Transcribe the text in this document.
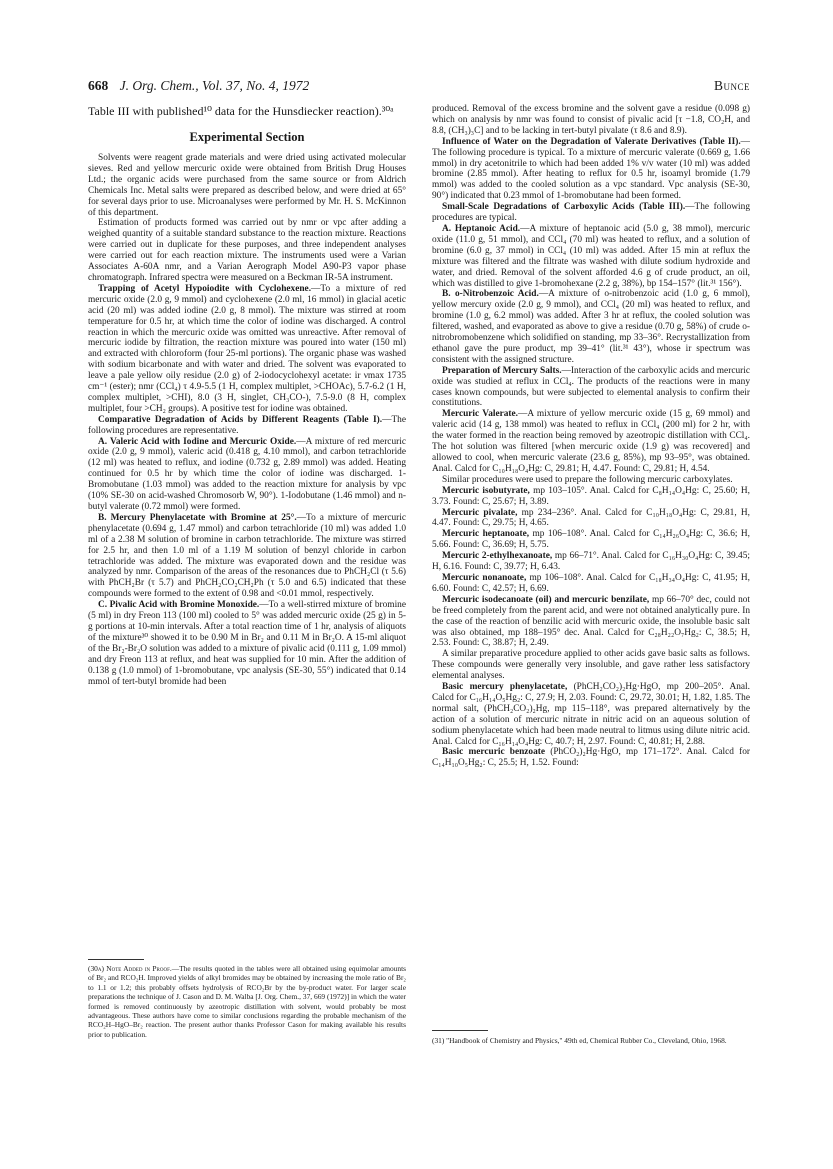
668 J. Org. Chem., Vol. 37, No. 4, 1972	Bunce

Table III with published¹⁰ data for the Hunsdiecker reaction).³⁰ᵃ

Experimental Section

Solvents were reagent grade materials and were dried using activated molecular sieves. Red and yellow mercuric oxide were obtained from British Drug Houses Ltd.; the organic acids were purchased from the same source or from Aldrich Chemicals Inc. Metal salts were prepared as described below, and were dried at 65° for several days prior to use. Microanalyses were performed by Mr. H. S. McKinnon of this department.

Estimation of products formed was carried out by nmr or vpc after adding a weighed quantity of a suitable standard substance to the reaction mixture. Reactions were carried out in duplicate for these purposes, and three independent analyses were carried out for each reaction mixture. The instruments used were a Varian Associates A-60A nmr, and a Varian Aerograph Model A90-P3 vapor phase chromatograph. Infrared spectra were measured on a Beckman IR-5A instrument.

Trapping of Acetyl Hypoiodite with Cyclohexene.—To a mixture of red mercuric oxide (2.0 g, 9 mmol) and cyclohexene (2.0 ml, 16 mmol) in glacial acetic acid (20 ml) was added iodine (2.0 g, 8 mmol). The mixture was stirred at room temperature for 0.5 hr, at which time the color of iodine was discharged. A control reaction in which the mercuric oxide was omitted was unreactive. After removal of mercuric iodide by filtration, the reaction mixture was poured into water (150 ml) and extracted with chloroform (four 25-ml portions). The organic phase was washed with sodium bicarbonate and with water and dried. The solvent was evaporated to leave a pale yellow oily residue (2.0 g) of 2-iodocyclohexyl acetate: ir νmax 1735 cm⁻¹ (ester); nmr (CCl₄) τ 4.9-5.5 (1 H, complex multiplet, >CHOAc), 5.7-6.2 (1 H, complex multiplet, >CHI), 8.0 (3 H, singlet, CH₃CO-), 7.5-9.0 (8 H, complex multiplet, four >CH₂ groups). A positive test for iodine was obtained.

Comparative Degradation of Acids by Different Reagents (Table I).—The following procedures are representative.

A. Valeric Acid with Iodine and Mercuric Oxide.—A mixture of red mercuric oxide (2.0 g, 9 mmol), valeric acid (0.418 g, 4.10 mmol), and carbon tetrachloride (12 ml) was heated to reflux, and iodine (0.732 g, 2.89 mmol) was added. Heating continued for 0.5 hr by which time the color of iodine was discharged. 1-Bromobutane (1.03 mmol) was added to the reaction mixture for analysis by vpc (10% SE-30 on acid-washed Chromosorb W, 90°). 1-Iodobutane (1.46 mmol) and n-butyl valerate (0.72 mmol) were formed.

B. Mercury Phenylacetate with Bromine at 25°.—To a mixture of mercuric phenylacetate (0.694 g, 1.47 mmol) and carbon tetrachloride (10 ml) was added 1.0 ml of a 2.38 M solution of bromine in carbon tetrachloride. The mixture was stirred for 2.5 hr, and then 1.0 ml of a 1.19 M solution of benzyl chloride in carbon tetrachloride was added. The mixture was evaporated down and the residue was analyzed by nmr. Comparison of the areas of the resonances due to PhCH₂Cl (τ 5.6) with PhCH₂Br (τ 5.7) and PhCH₂CO₂CH₂Ph (τ 5.0 and 6.5) indicated that these compounds were formed to the extent of 0.98 and <0.01 mmol, respectively.

C. Pivalic Acid with Bromine Monoxide.—To a well-stirred mixture of bromine (5 ml) in dry Freon 113 (100 ml) cooled to 5° was added mercuric oxide (25 g) in 5-g portions at 10-min intervals. After a total reaction time of 1 hr, analysis of aliquots of the mixture³⁰ showed it to be 0.90 M in Br₂ and 0.11 M in Br₂O. A 15-ml aliquot of the Br₂-Br₂O solution was added to a mixture of pivalic acid (0.111 g, 1.09 mmol) and dry Freon 113 at reflux, and heat was supplied for 10 min. After the addition of 0.138 g (1.0 mmol) of 1-bromobutane, vpc analysis (SE-30, 55°) indicated that 0.14 mmol of tert-butyl bromide had been

(30a) Note Added in Proof.—The results quoted in the tables were all obtained using equimolar amounts of Br₂ and RCO₂H. Improved yields of alkyl bromides may be obtained by increasing the mole ratio of Br₂ to 1.1 or 1.2; this probably offsets hydrolysis of RCO₂Br by the by-product water. For larger scale preparations the technique of J. Cason and D. M. Walba [J. Org. Chem., 37, 669 (1972)] in which the water formed is removed continuously by azeotropic distillation with solvent, would probably be most advantageous. These authors have come to similar conclusions regarding the probable mechanism of the RCO₂H–HgO–Br₂ reaction. The present author thanks Professor Cason for making available his results prior to publication.

produced. Removal of the excess bromine and the solvent gave a residue (0.098 g) which on analysis by nmr was found to consist of pivalic acid [τ −1.8, CO₂H, and 8.8, (CH₃)₃C] and to be lacking in tert-butyl pivalate (τ 8.6 and 8.9).

Influence of Water on the Degradation of Valerate Derivatives (Table II).—The following procedure is typical. To a mixture of mercuric valerate (0.669 g, 1.66 mmol) in dry acetonitrile to which had been added 1% v/v water (10 ml) was added bromine (2.85 mmol). After heating to reflux for 0.5 hr, isoamyl bromide (1.79 mmol) was added to the cooled solution as a vpc standard. Vpc analysis (SE-30, 90°) indicated that 0.23 mmol of 1-bromobutane had been formed.

Small-Scale Degradations of Carboxylic Acids (Table III).—The following procedures are typical.

A. Heptanoic Acid.—A mixture of heptanoic acid (5.0 g, 38 mmol), mercuric oxide (11.0 g, 51 mmol), and CCl₄ (70 ml) was heated to reflux, and a solution of bromine (6.0 g, 37 mmol) in CCl₄ (10 ml) was added. After 15 min at reflux the mixture was filtered and the filtrate was washed with dilute sodium hydroxide and water, and dried. Removal of the solvent afforded 4.6 g of crude product, an oil, which was distilled to give 1-bromohexane (2.2 g, 38%), bp 154–157° (lit.³¹ 156°).

B. o-Nitrobenzoic Acid.—A mixture of o-nitrobenzoic acid (1.0 g, 6 mmol), yellow mercury oxide (2.0 g, 9 mmol), and CCl₄ (20 ml) was heated to reflux, and bromine (1.0 g, 6.2 mmol) was added. After 3 hr at reflux, the cooled solution was filtered, washed, and evaporated as above to give a residue (0.70 g, 58%) of crude o-nitrobromobenzene which solidified on standing, mp 33–36°. Recrystallization from ethanol gave the pure product, mp 39–41° (lit.³¹ 43°), whose ir spectrum was consistent with the assigned structure.

Preparation of Mercury Salts.—Interaction of the carboxylic acids and mercuric oxide was studied at reflux in CCl₄. The products of the reactions were in many cases known compounds, but were subjected to elemental analysis to confirm their constitutions.

Mercuric Valerate.—A mixture of yellow mercuric oxide (15 g, 69 mmol) and valeric acid (14 g, 138 mmol) was heated to reflux in CCl₄ (200 ml) for 2 hr, with the water formed in the reaction being removed by azeotropic distillation with CCl₄. The hot solution was filtered [when mercuric oxide (1.9 g) was recovered] and allowed to cool, when mercuric valerate (23.6 g, 85%), mp 93–95°, was obtained. Anal. Calcd for C₁₀H₁₈O₄Hg: C, 29.81; H, 4.47. Found: C, 29.81; H, 4.54.

Similar procedures were used to prepare the following mercuric carboxylates.

Mercuric isobutyrate, mp 103–105°. Anal. Calcd for C₈H₁₄O₄Hg: C, 25.60; H, 3.73. Found: C, 25.67; H, 3.89.

Mercuric pivalate, mp 234–236°. Anal. Calcd for C₁₀H₁₈O₄Hg: C, 29.81, H, 4.47. Found: C, 29.75; H, 4.65.

Mercuric heptanoate, mp 106–108°. Anal. Calcd for C₁₄H₂₆O₄Hg: C, 36.6; H, 5.66. Found: C, 36.69; H, 5.75.

Mercuric 2-ethylhexanoate, mp 66–71°. Anal. Calcd for C₁₆H₃₀O₄Hg: C, 39.45; H, 6.16. Found: C, 39.77; H, 6.43.

Mercuric nonanoate, mp 106–108°. Anal. Calcd for C₁₈H₃₄O₄Hg: C, 41.95; H, 6.60. Found: C, 42.57; H, 6.69.

Mercuric isodecanoate (oil) and mercuric benzilate, mp 66–70° dec, could not be freed completely from the parent acid, and were not obtained analytically pure. In the case of the reaction of benzilic acid with mercuric oxide, the insoluble basic salt was also obtained, mp 188–195° dec. Anal. Calcd for C₂₈H₂₂O₇Hg₂: C, 38.5; H, 2.53. Found: C, 38.87; H, 2.49.

A similar preparative procedure applied to other acids gave basic salts as follows. These compounds were generally very insoluble, and gave rather less satisfactory elemental analyses.

Basic mercury phenylacetate, (PhCH₂CO₂)₂Hg·HgO, mp 200–205°. Anal. Calcd for C₁₆H₁₄O₅Hg₂: C, 27.9; H, 2.03. Found: C, 29.72, 30.01; H, 1.82, 1.85. The normal salt, (PhCH₂CO₂)₂Hg, mp 115–118°, was prepared alternatively by the action of a solution of mercuric nitrate in nitric acid on an aqueous solution of sodium phenylacetate which had been made neutral to litmus using dilute nitric acid. Anal. Calcd for C₁₆H₁₄O₄Hg: C, 40.7; H, 2.97. Found: C, 40.81; H, 2.88.

Basic mercuric benzoate (PhCO₂)₂Hg·HgO, mp 171–172°. Anal. Calcd for C₁₄H₁₀O₅Hg₂: C, 25.5; H, 1.52. Found:

(31) "Handbook of Chemistry and Physics," 49th ed, Chemical Rubber Co., Cleveland, Ohio, 1968.
